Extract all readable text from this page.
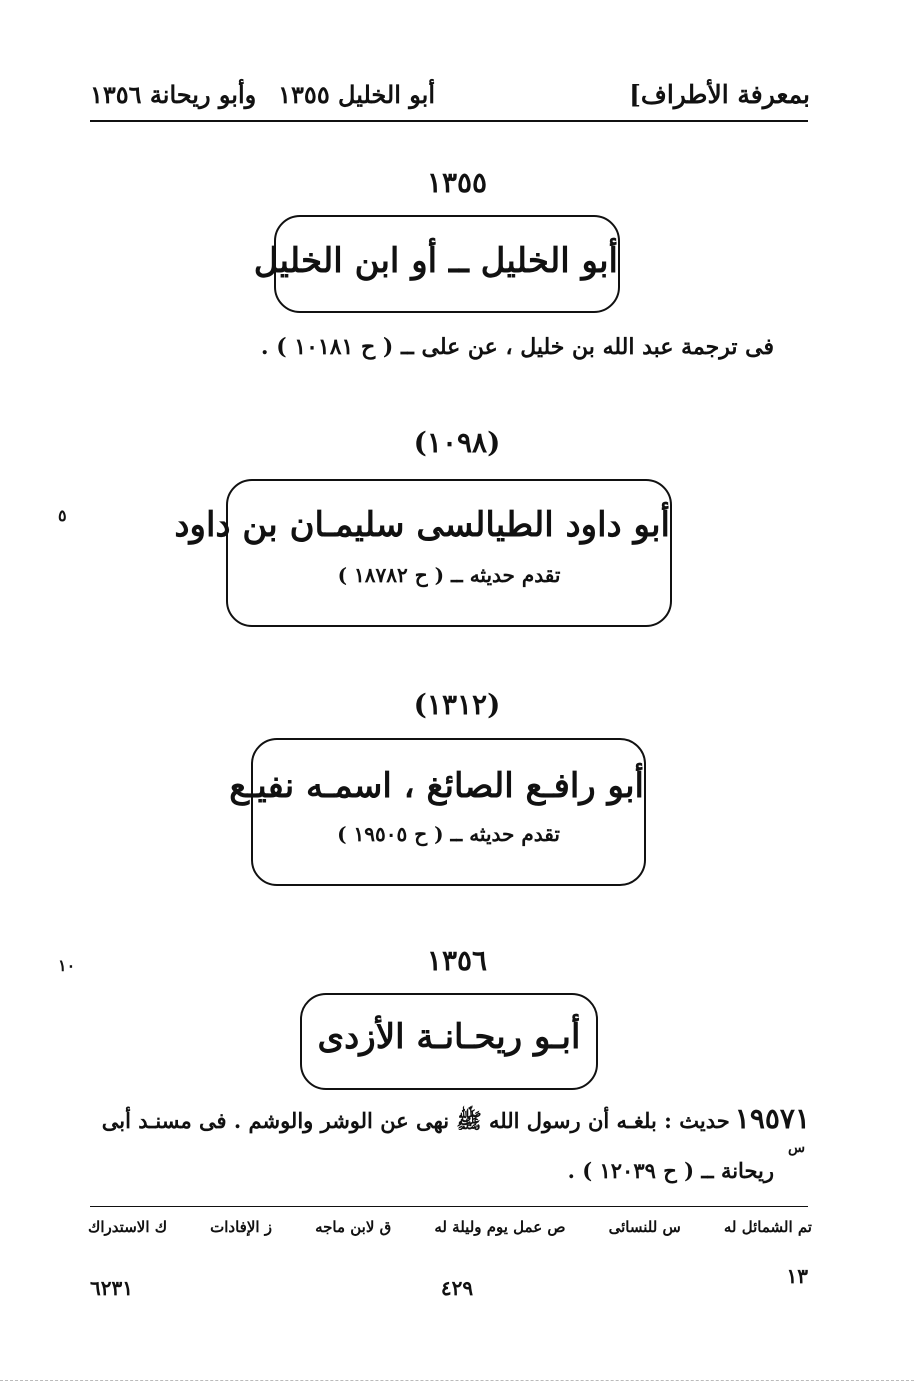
بمعرفة الأطراف]
أبو الخليل ١٣٥٥
وأبو ريحانة ١٣٥٦
١٣٥٥
أبو الخليل ــ أو ابن الخليل
فى ترجمة عبد الله بن خليل ، عن على ــ ( ح ١٠١٨١ ) .
(١٠٩٨)
أبو داود الطيالسى سليمـان بن داود
تقدم حديثه ــ ( ح ١٨٧٨٢ )
٥
(١٣١٢)
أبو رافـع الصائغ ، اسمـه نفيـع
تقدم حديثه ــ ( ح ١٩٥٠٥ )
١٣٥٦
١٠
أبـو ريحـانـة الأزدى
١٩٥٧١ حديث : بلغـه أن رسول الله ﷺ نهى عن الوشر والوشم . فى مسنـد أبى
س
ريحانة ــ ( ح ١٢٠٣٩ ) .
تم الشمائل له
س للنسائى
ص عمل يوم وليلة له
ق لابن ماجه
ز الإفادات
ك الاستدراك
١٣
٤٢٩
٦٢٣١
